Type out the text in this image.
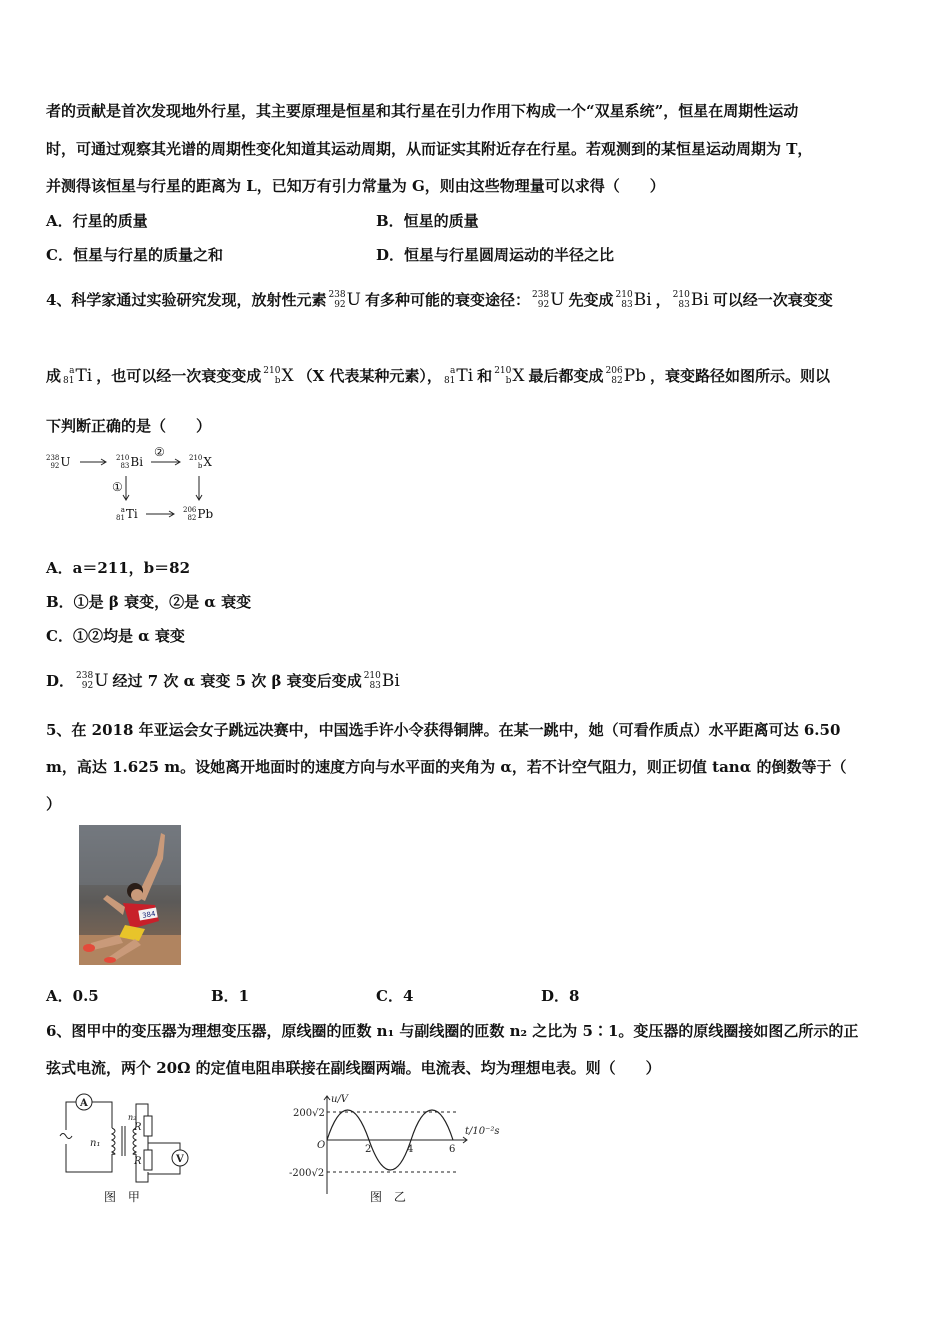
者的贡献是首次发现地外行星，其主要原理是恒星和其行星在引力作用下构成一个“双星系统”，恒星在周期性运动
时，可通过观察其光谱的周期性变化知道其运动周期，从而证实其附近存在行星。若观测到的某恒星运动周期为 T，
并测得该恒星与行星的距离为 L，已知万有引力常量为 G，则由这些物理量可以求得（　　）
A．行星的质量	B．恒星的质量
C．恒星与行星的质量之和	D．恒星与行星圆周运动的半径之比
4、科学家通过实验研究发现，放射性元素 238
92 U 有多种可能的衰变途径： 238
92 U 先变成 210
83 Bi ， 210
83 Bi 可以经一次衰变变
成 a
81 Ti ，也可以经一次衰变变成 210
b X （X 代表某种元素）， a
81 Ti 和 210
b X 最后都变成 206
82 Pb ，衰变路径如图所示。则以
下判断正确的是（　　）
238
92 U	210
83 Bi	210
b X
a
81 Ti	206
82 Pb
①
②
A．a＝211，b＝82
B．①是 β 衰变，②是 α 衰变
C．①②均是 α 衰变
D． 238
92 U 经过 7 次 α 衰变 5 次 β 衰变后变成 210
83 Bi
5、在 2018 年亚运会女子跳远决赛中，中国选手许小令获得铜牌。在某一跳中，她（可看作质点）水平距离可达 6.50
m，高达 1.625 m。设她离开地面时的速度方向与水平面的夹角为 α，若不计空气阻力，则正切值 tanα 的倒数等于（
）
384
A．0.5	B．1	C．4	D．8
6、图甲中的变压器为理想变压器，原线圈的匝数 n₁ 与副线圈的匝数 n₂ 之比为 5∶1。变压器的原线圈接如图乙所示的正
弦式电流，两个 20Ω 的定值电阻串联接在副线圈两端。电流表、均为理想电表。则（　　）
A
V
n₁
n₂
R
R
图 甲
u/V
t/10⁻²s
O
200√2
-200√2
2	4	6
图 乙
